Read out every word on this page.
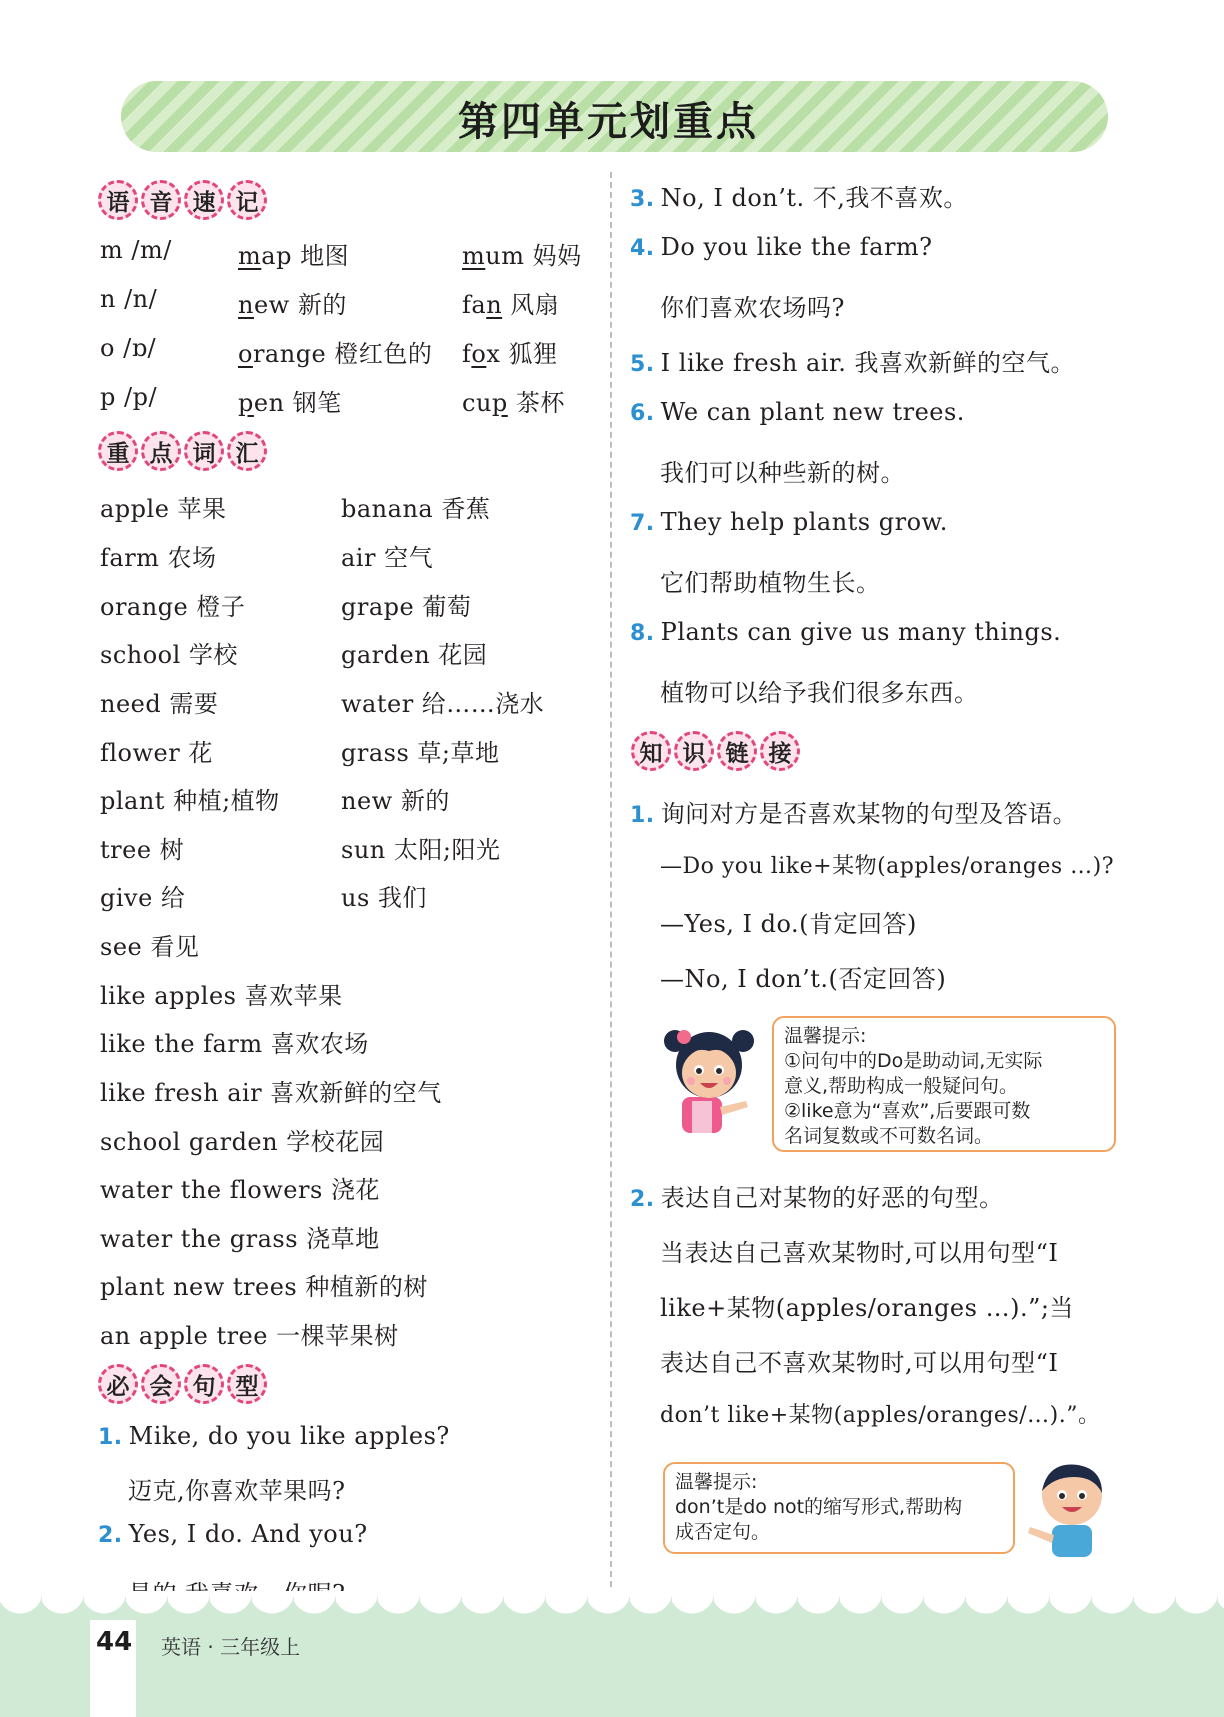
第四单元划重点
语 音 速 记
m /m/	map 地图	mum 妈妈
n /n/	new 新的	fan 风扇
o /ɒ/	orange 橙红色的 fox 狐狸
p /p/	pen 钢笔	cup 茶杯
重 点 词 汇
apple 苹果	banana 香蕉
farm 农场	air 空气
orange 橙子	grape 葡萄
school 学校	garden 花园
need 需要	water 给……浇水
flower 花	grass 草;草地
plant 种植;植物	new 新的
tree 树	sun 太阳;阳光
give 给	us 我们
see 看见
like apples 喜欢苹果
like the farm 喜欢农场
like fresh air 喜欢新鲜的空气
school garden 学校花园
water the flowers 浇花
water the grass 浇草地
plant new trees 种植新的树
an apple tree 一棵苹果树
必 会 句 型
1. Mike, do you like apples?
迈克,你喜欢苹果吗?
2. Yes, I do. And you?
3. No, I don’t. 不,我不喜欢。
4. Do you like the farm?
你们喜欢农场吗?
5. I like fresh air. 我喜欢新鲜的空气。
6. We can plant new trees.
我们可以种些新的树。
7. They help plants grow.
它们帮助植物生长。
8. Plants can give us many things.
植物可以给予我们很多东西。
知 识 链 接
1. 询问对方是否喜欢某物的句型及答语。
—Do you like+某物(apples/oranges …)?
—Yes, I do.(肯定回答)
—No, I don’t.(否定回答)
温馨提示:
①问句中的Do是助动词,无实际
意义,帮助构成一般疑问句。
②like意为“喜欢”,后要跟可数
名词复数或不可数名词。
2. 表达自己对某物的好恶的句型。
当表达自己喜欢某物时,可以用句型“I
like+某物(apples/oranges …).”;当
表达自己不喜欢某物时,可以用句型“I
don’t like+某物(apples/oranges/…).”。
温馨提示:
don’t是do not的缩写形式,帮助构
成否定句。
44 英语 · 三年级上
